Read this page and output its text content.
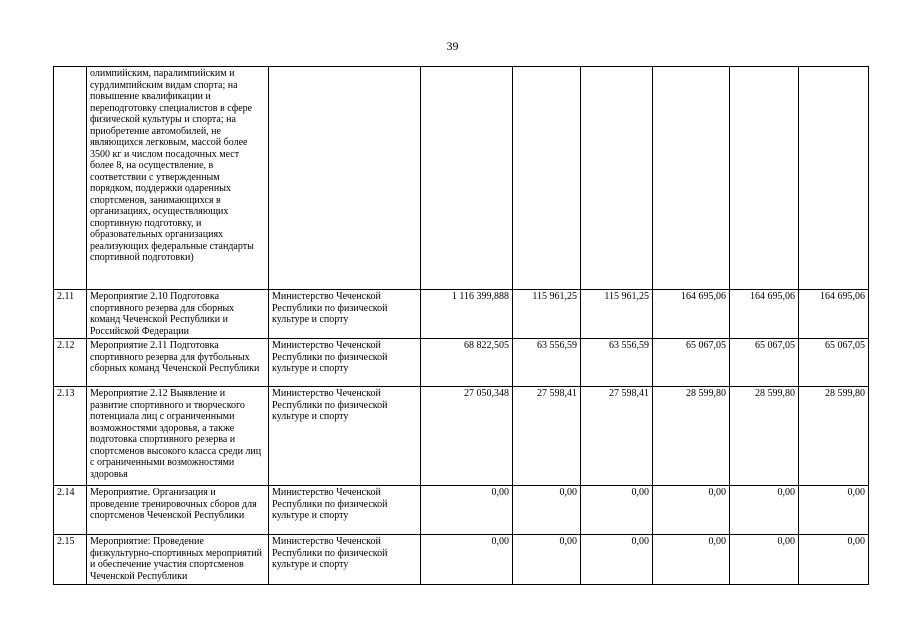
39
	олимпийским, паралимпийским и сурдлимпийским видам спорта; на повышение квалификации и переподготовку специалистов в сфере физической культуры и спорта; на приобретение автомобилей, не являющихся легковым, массой более 3500 кг и числом посадочных мест более 8, на осуществление, в соответствии с утвержденным порядком, поддержки одаренных спортсменов, занимающихся в организациях, осуществляющих спортивную подготовку, и образовательных организациях реализующих федеральные стандарты спортивной подготовки)							
2.11	Мероприятие 2.10 Подготовка спортивного резерва для сборных команд Чеченской Республики и Российской Федерации	Министерство Чеченской Республики по физической культуре и спорту	1 116 399,888	115 961,25	115 961,25	164 695,06	164 695,06	164 695,06
2.12	Мероприятие 2.11 Подготовка спортивного резерва для футбольных сборных команд Чеченской Республики	Министерство Чеченской Республики по физической культуре и спорту	68 822,505	63 556,59	63 556,59	65 067,05	65 067,05	65 067,05
2.13	Мероприятие 2.12 Выявление и развитие спортивного и творческого потенциала лиц с ограниченными возможностями здоровья, а также подготовка спортивного резерва и спортсменов высокого класса среди лиц с ограниченными возможностями здоровья	Министерство Чеченской Республики по физической культуре и спорту	27 050,348	27 598,41	27 598,41	28 599,80	28 599,80	28 599,80
2.14	Мероприятие. Организация и проведение тренировочных сборов для спортсменов Чеченской Республики	Министерство Чеченской Республики по физической культуре и спорту	0,00	0,00	0,00	0,00	0,00	0,00
2.15	Мероприятие: Проведение физкультурно-спортивных мероприятий и обеспечение участия спортсменов Чеченской Республики	Министерство Чеченской Республики по физической культуре и спорту	0,00	0,00	0,00	0,00	0,00	0,00
